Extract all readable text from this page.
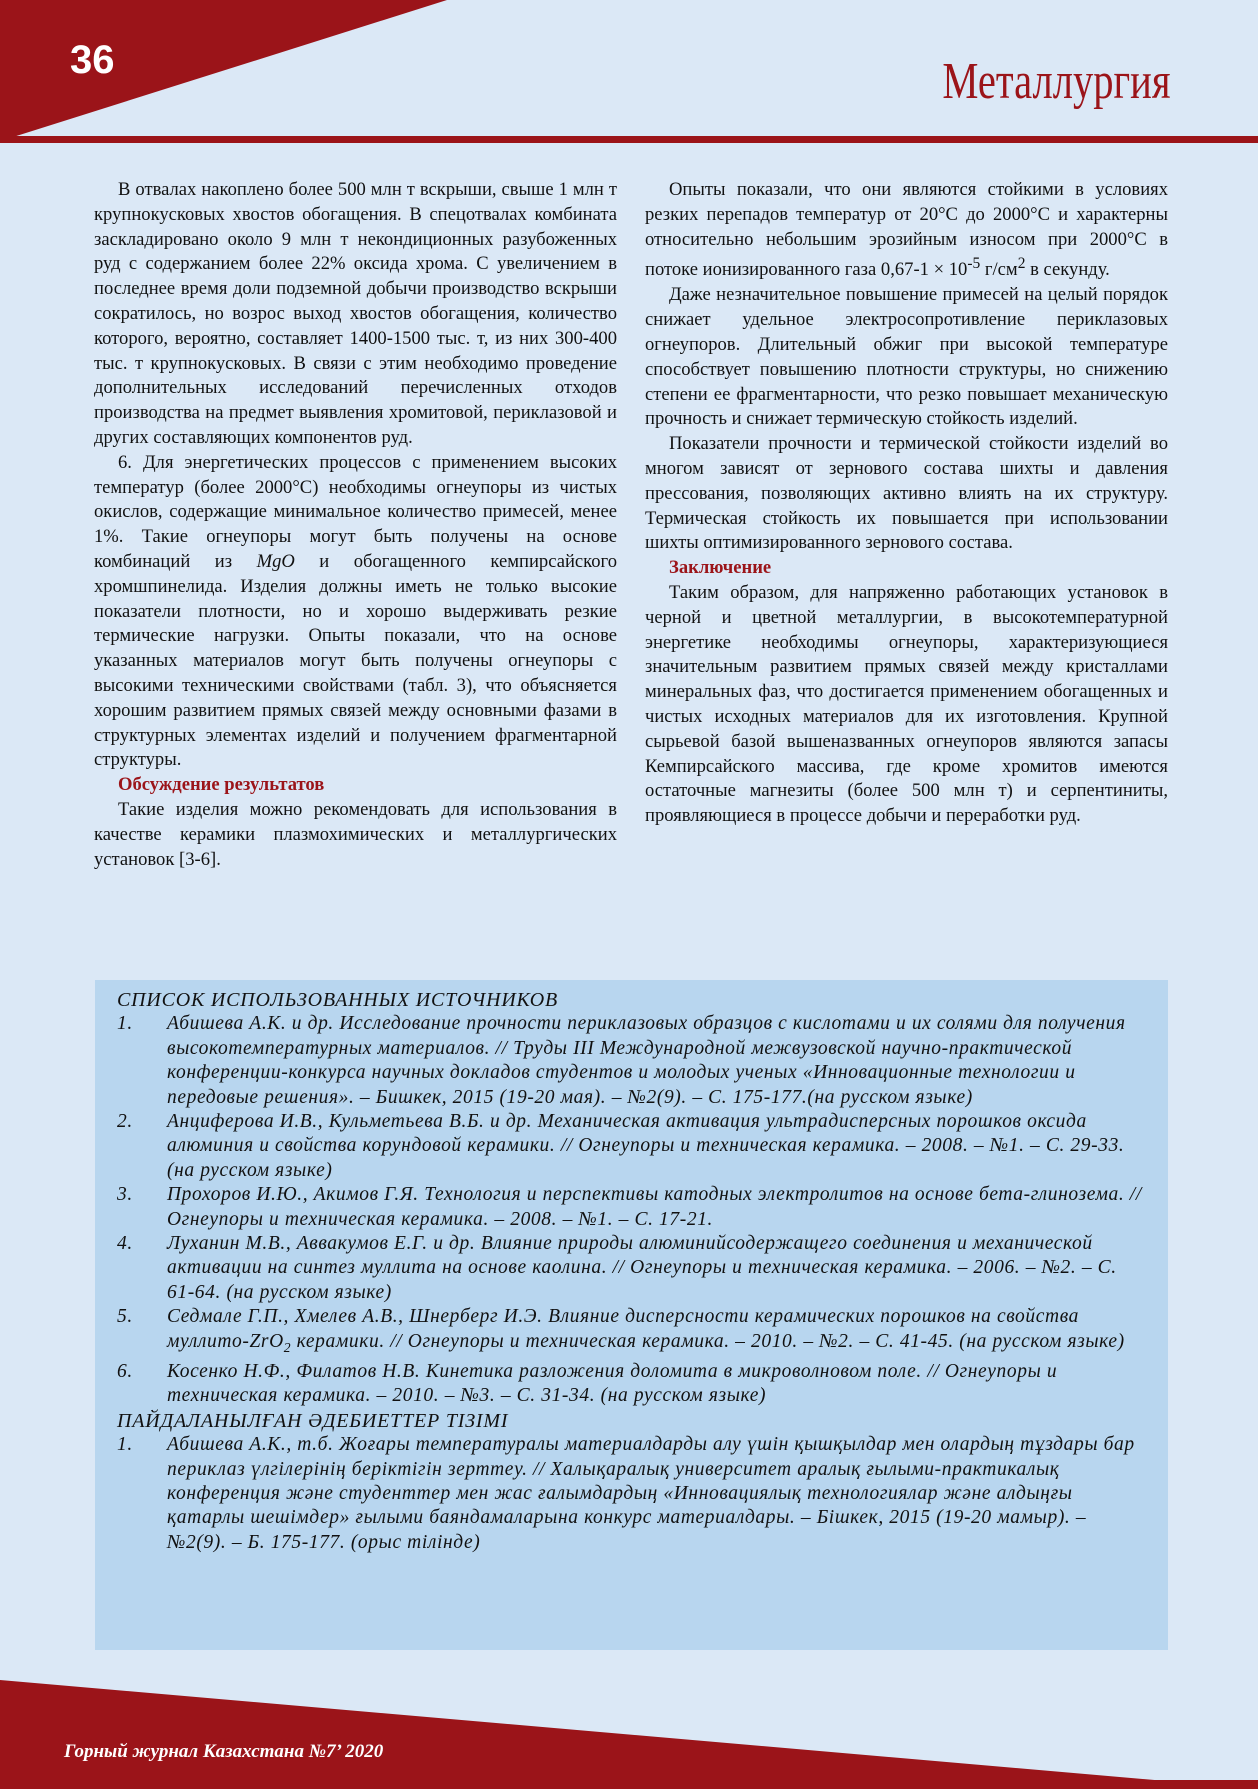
36	Металлургия

В отвалах накоплено более 500 млн т вскрыши, свыше 1 млн т крупнокусковых хвостов обогащения. В спецотвалах комбината заскладировано около 9 млн т некондиционных разубоженных руд с содержанием более 22% оксида хрома. С увеличением в последнее время доли подземной добычи производство вскрыши сократилось, но возрос выход хвостов обогащения, количество которого, вероятно, составляет 1400-1500 тыс. т, из них 300-400 тыс. т крупнокусковых. В связи с этим необходимо проведение дополнительных исследований перечисленных отходов производства на предмет выявления хромитовой, периклазовой и других составляющих компонентов руд.

6. Для энергетических процессов с применением высоких температур (более 2000°С) необходимы огнеупоры из чистых окислов, содержащие минимальное количество примесей, менее 1%. Такие огнеупоры могут быть получены на основе комбинаций из MgO и обогащенного кемпирсайского хромшпинелида. Изделия должны иметь не только высокие показатели плотности, но и хорошо выдерживать резкие термические нагрузки. Опыты показали, что на основе указанных материалов могут быть получены огнеупоры с высокими техническими свойствами (табл. 3), что объясняется хорошим развитием прямых связей между основными фазами в структурных элементах изделий и получением фрагментарной структуры.

Обсуждение результатов

Такие изделия можно рекомендовать для использования в качестве керамики плазмохимических и металлургических установок [3-6].

Опыты показали, что они являются стойкими в условиях резких перепадов температур от 20°С до 2000°С и характерны относительно небольшим эрозийным износом при 2000°С в потоке ионизированного газа $0,67-1 \times 10^{-5}$ $г/см^2$ в секунду.

Даже незначительное повышение примесей на целый порядок снижает удельное электросопротивление периклазовых огнеупоров. Длительный обжиг при высокой температуре способствует повышению плотности структуры, но снижению степени ее фрагментарности, что резко повышает механическую прочность и снижает термическую стойкость изделий.

Показатели прочности и термической стойкости изделий во многом зависят от зернового состава шихты и давления прессования, позволяющих активно влиять на их структуру. Термическая стойкость их повышается при использовании шихты оптимизированного зернового состава.

Заключение

Таким образом, для напряженно работающих установок в черной и цветной металлургии, в высокотемпературной энергетике необходимы огнеупоры, характеризующиеся значительным развитием прямых связей между кристаллами минеральных фаз, что достигается применением обогащенных и чистых исходных материалов для их изготовления. Крупной сырьевой базой вышеназванных огнеупоров являются запасы Кемпирсайского массива, где кроме хромитов имеются остаточные магнезиты (более 500 млн т) и серпентиниты, проявляющиеся в процессе добычи и переработки руд.

СПИСОК ИСПОЛЬЗОВАННЫХ ИСТОЧНИКОВ
1.	Абишева А.К. и др. Исследование прочности периклазовых образцов с кислотами и их солями для получения высокотемпературных материалов. // Труды III Международной межвузовской научно-практической конференции-конкурса научных докладов студентов и молодых ученых «Инновационные технологии и передовые решения». – Бишкек, 2015 (19-20 мая). – №2(9). – С. 175-177.(на русском языке)
2.	Анциферова И.В., Кульметьева В.Б. и др. Механическая активация ультрадисперсных порошков оксида алюминия и свойства корундовой керамики. // Огнеупоры и техническая керамика. – 2008. – №1. – С. 29-33. (на русском языке)
3.	Прохоров И.Ю., Акимов Г.Я. Технология и перспективы катодных электролитов на основе бета-глинозема. // Огнеупоры и техническая керамика. – 2008. – №1. – С. 17-21.
4.	Луханин М.В., Аввакумов Е.Г. и др. Влияние природы алюминийсодержащего соединения и механической активации на синтез муллита на основе каолина. // Огнеупоры и техническая керамика. – 2006. – №2. – С. 61-64. (на русском языке)
5.	Седмале Г.П., Хмелев А.В., Шнерберг И.Э. Влияние дисперсности керамических порошков на свойства муллито-ZrO$_2$ керамики. // Огнеупоры и техническая керамика. – 2010. – №2. – С. 41-45. (на русском языке)
6.	Косенко Н.Ф., Филатов Н.В. Кинетика разложения доломита в микроволновом поле. // Огнеупоры и техническая керамика. – 2010. – №3. – С. 31-34. (на русском языке)
ПАЙДАЛАНЫЛҒАН ӘДЕБИЕТТЕР ТІЗІМІ
1.	Абишева А.К., т.б. Жоғары температуралы материалдарды алу үшін қышқылдар мен олардың тұздары бар периклаз үлгілерінің беріктігін зерттеу. // Халықаралық университет аралық ғылыми-практикалық конференция және студенттер мен жас ғалымдардың «Инновациялық технологиялар және алдыңғы қатарлы шешімдер» ғылыми баяндамаларына конкурс материалдары. – Бішкек, 2015 (19-20 мамыр). – №2(9). – Б. 175-177. (орыс тілінде)
Горный журнал Казахстана №7’ 2020
